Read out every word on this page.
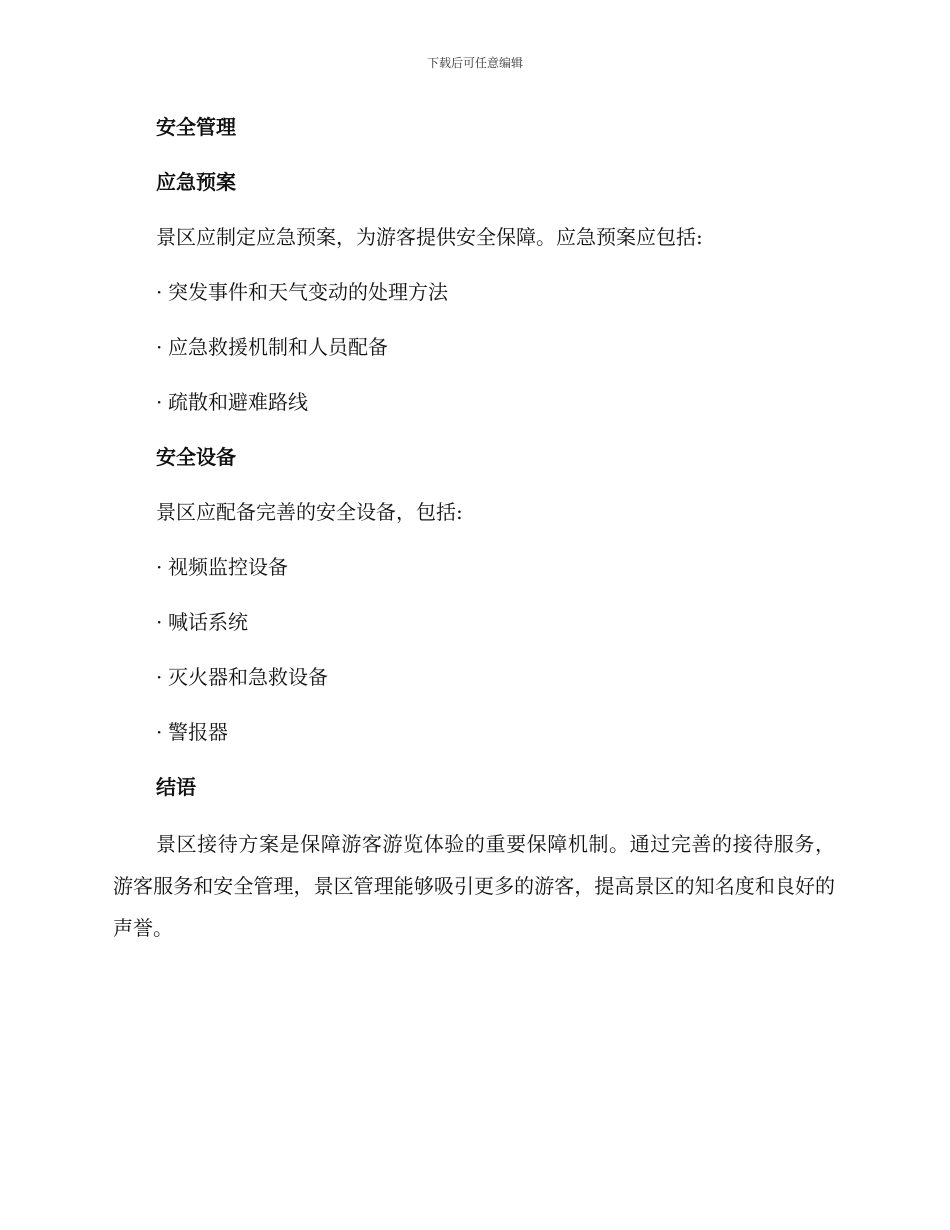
下载后可任意编辑
安全管理
应急预案
景区应制定应急预案，为游客提供安全保障。应急预案应包括:
· 突发事件和天气变动的处理方法
· 应急救援机制和人员配备
· 疏散和避难路线
安全设备
景区应配备完善的安全设备，包括:
· 视频监控设备
· 喊话系统
· 灭火器和急救设备
· 警报器
结语

景区接待方案是保障游客游览体验的重要保障机制。通过完善的接待服务，游客服务和安全管理，景区管理能够吸引更多的游客，提高景区的知名度和良好的声誉。
